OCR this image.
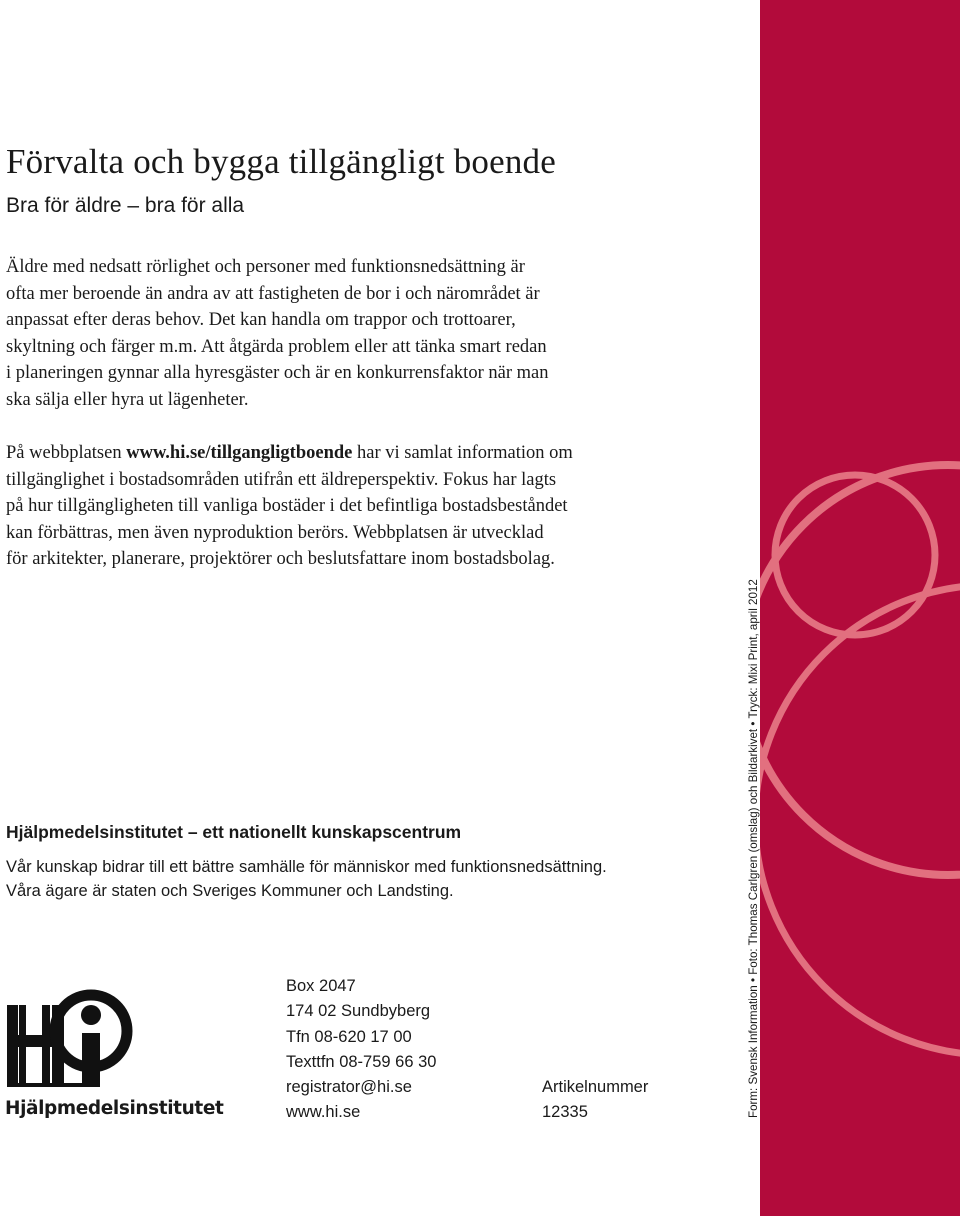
Förvalta och bygga tillgängligt boende

Bra för äldre – bra för alla

Äldre med nedsatt rörlighet och personer med funktionsnedsättning är
ofta mer beroende än andra av att fastigheten de bor i och närområdet är
anpassat efter deras behov. Det kan handla om trappor och trottoarer,
skyltning och färger m.m. Att åtgärda problem eller att tänka smart redan
i planeringen gynnar alla hyresgäster och är en konkurrensfaktor när man
ska sälja eller hyra ut lägenheter.
På webbplatsen www.hi.se/tillgangligtboende har vi samlat information om
tillgänglighet i bostadsområden utifrån ett äldreperspektiv. Fokus har lagts
på hur tillgängligheten till vanliga bostäder i det befintliga bostadsbeståndet
kan förbättras, men även nyproduktion berörs. Webbplatsen är utvecklad
för arkitekter, planerare, projektörer och beslutsfattare inom bostadsbolag.

Hjälpmedelsinstitutet – ett nationellt kunskapscentrum

Vår kunskap bidrar till ett bättre samhälle för människor med funktionsnedsättning.
Våra ägare är staten och Sveriges Kommuner och Landsting.

Hjälpmedelsinstitutet

Box 2047
174 02 Sundbyberg
Tfn 08-620 17 00
Texttfn 08-759 66 30
registrator@hi.se
www.hi.se
Artikelnummer
12335	Form: Svensk Information • Foto: Thomas Carlgren (omslag) och Bildarkivet • Tryck: Mixi Print, april 2012
